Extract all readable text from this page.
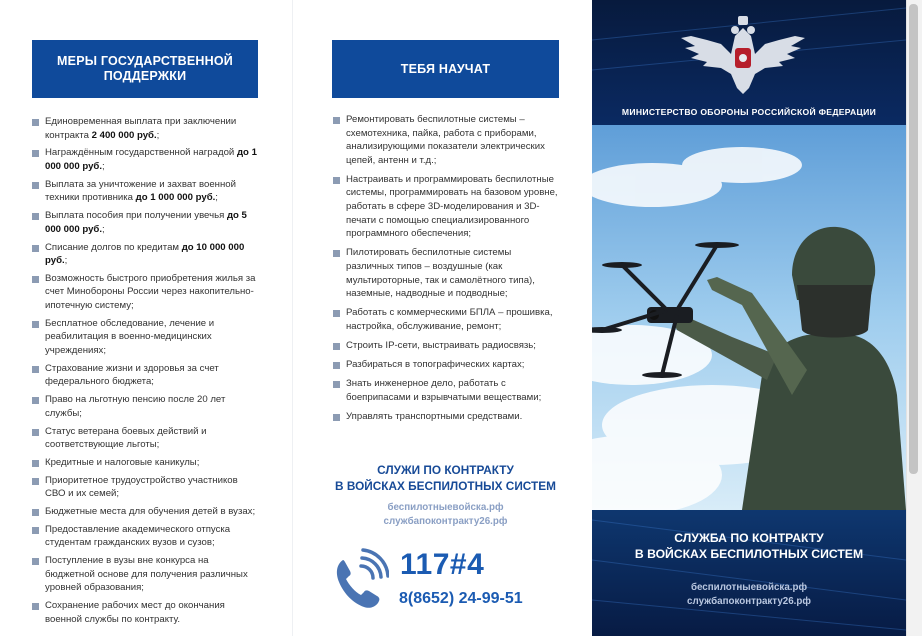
МЕРЫ ГОСУДАРСТВЕННОЙ ПОДДЕРЖКИ
Единовременная выплата при заключении контракта 2 400 000 руб.;
Награждённым государственной наградой до 1 000 000 руб.;
Выплата за уничтожение и захват военной техники противника до 1 000 000 руб.;
Выплата пособия при получении увечья до 5 000 000 руб.;
Списание долгов по кредитам до 10 000 000 руб.;
Возможность быстрого приобретения жилья за счет Минобороны России через накопительно-ипотечную систему;
Бесплатное обследование, лечение и реабилитация в военно-медицинских учреждениях;
Страхование жизни и здоровья за счет федерального бюджета;
Право на льготную пенсию после 20 лет службы;
Статус ветерана боевых действий и соответствующие льготы;
Кредитные и налоговые каникулы;
Приоритетное трудоустройство участников СВО и их семей;
Бюджетные места для обучения детей в вузах;
Предоставление академического отпуска студентам гражданских вузов и сузов;
Поступление в вузы вне конкурса на бюджетной основе для получения различных уровней образования;
Сохранение рабочих мест до окончания военной службы по контракту.
ТЕБЯ НАУЧАТ
Ремонтировать беспилотные системы – схемотехника, пайка, работа с приборами, анализирующими показатели электрических цепей, антенн и т.д.;
Настраивать и программировать беспилотные системы, программировать на базовом уровне, работать в сфере 3D-моделирования и 3D-печати с помощью специализированного программного обеспечения;
Пилотировать беспилотные системы различных типов – воздушные (как мультироторные, так и самолётного типа), наземные, надводные и подводные;
Работать с коммерческими БПЛА – прошивка, настройка, обслуживание, ремонт;
Строить IP-сети, выстраивать радиосвязь;
Разбираться в топографических картах;
Знать инженерное дело, работать с боеприпасами и взрывчатыми веществами;
Управлять транспортными средствами.
СЛУЖИ ПО КОНТРАКТУ
В ВОЙСКАХ БЕСПИЛОТНЫХ СИСТЕМ
беспилотныевойска.рф
службапоконтракту26.рф
117#4
8(8652) 24-99-51
МИНИСТЕРСТВО ОБОРОНЫ РОССИЙСКОЙ ФЕДЕРАЦИИ
СЛУЖБА ПО КОНТРАКТУ
В ВОЙСКАХ БЕСПИЛОТНЫХ СИСТЕМ
беспилотныевойска.рф
службапоконтракту26.рф
